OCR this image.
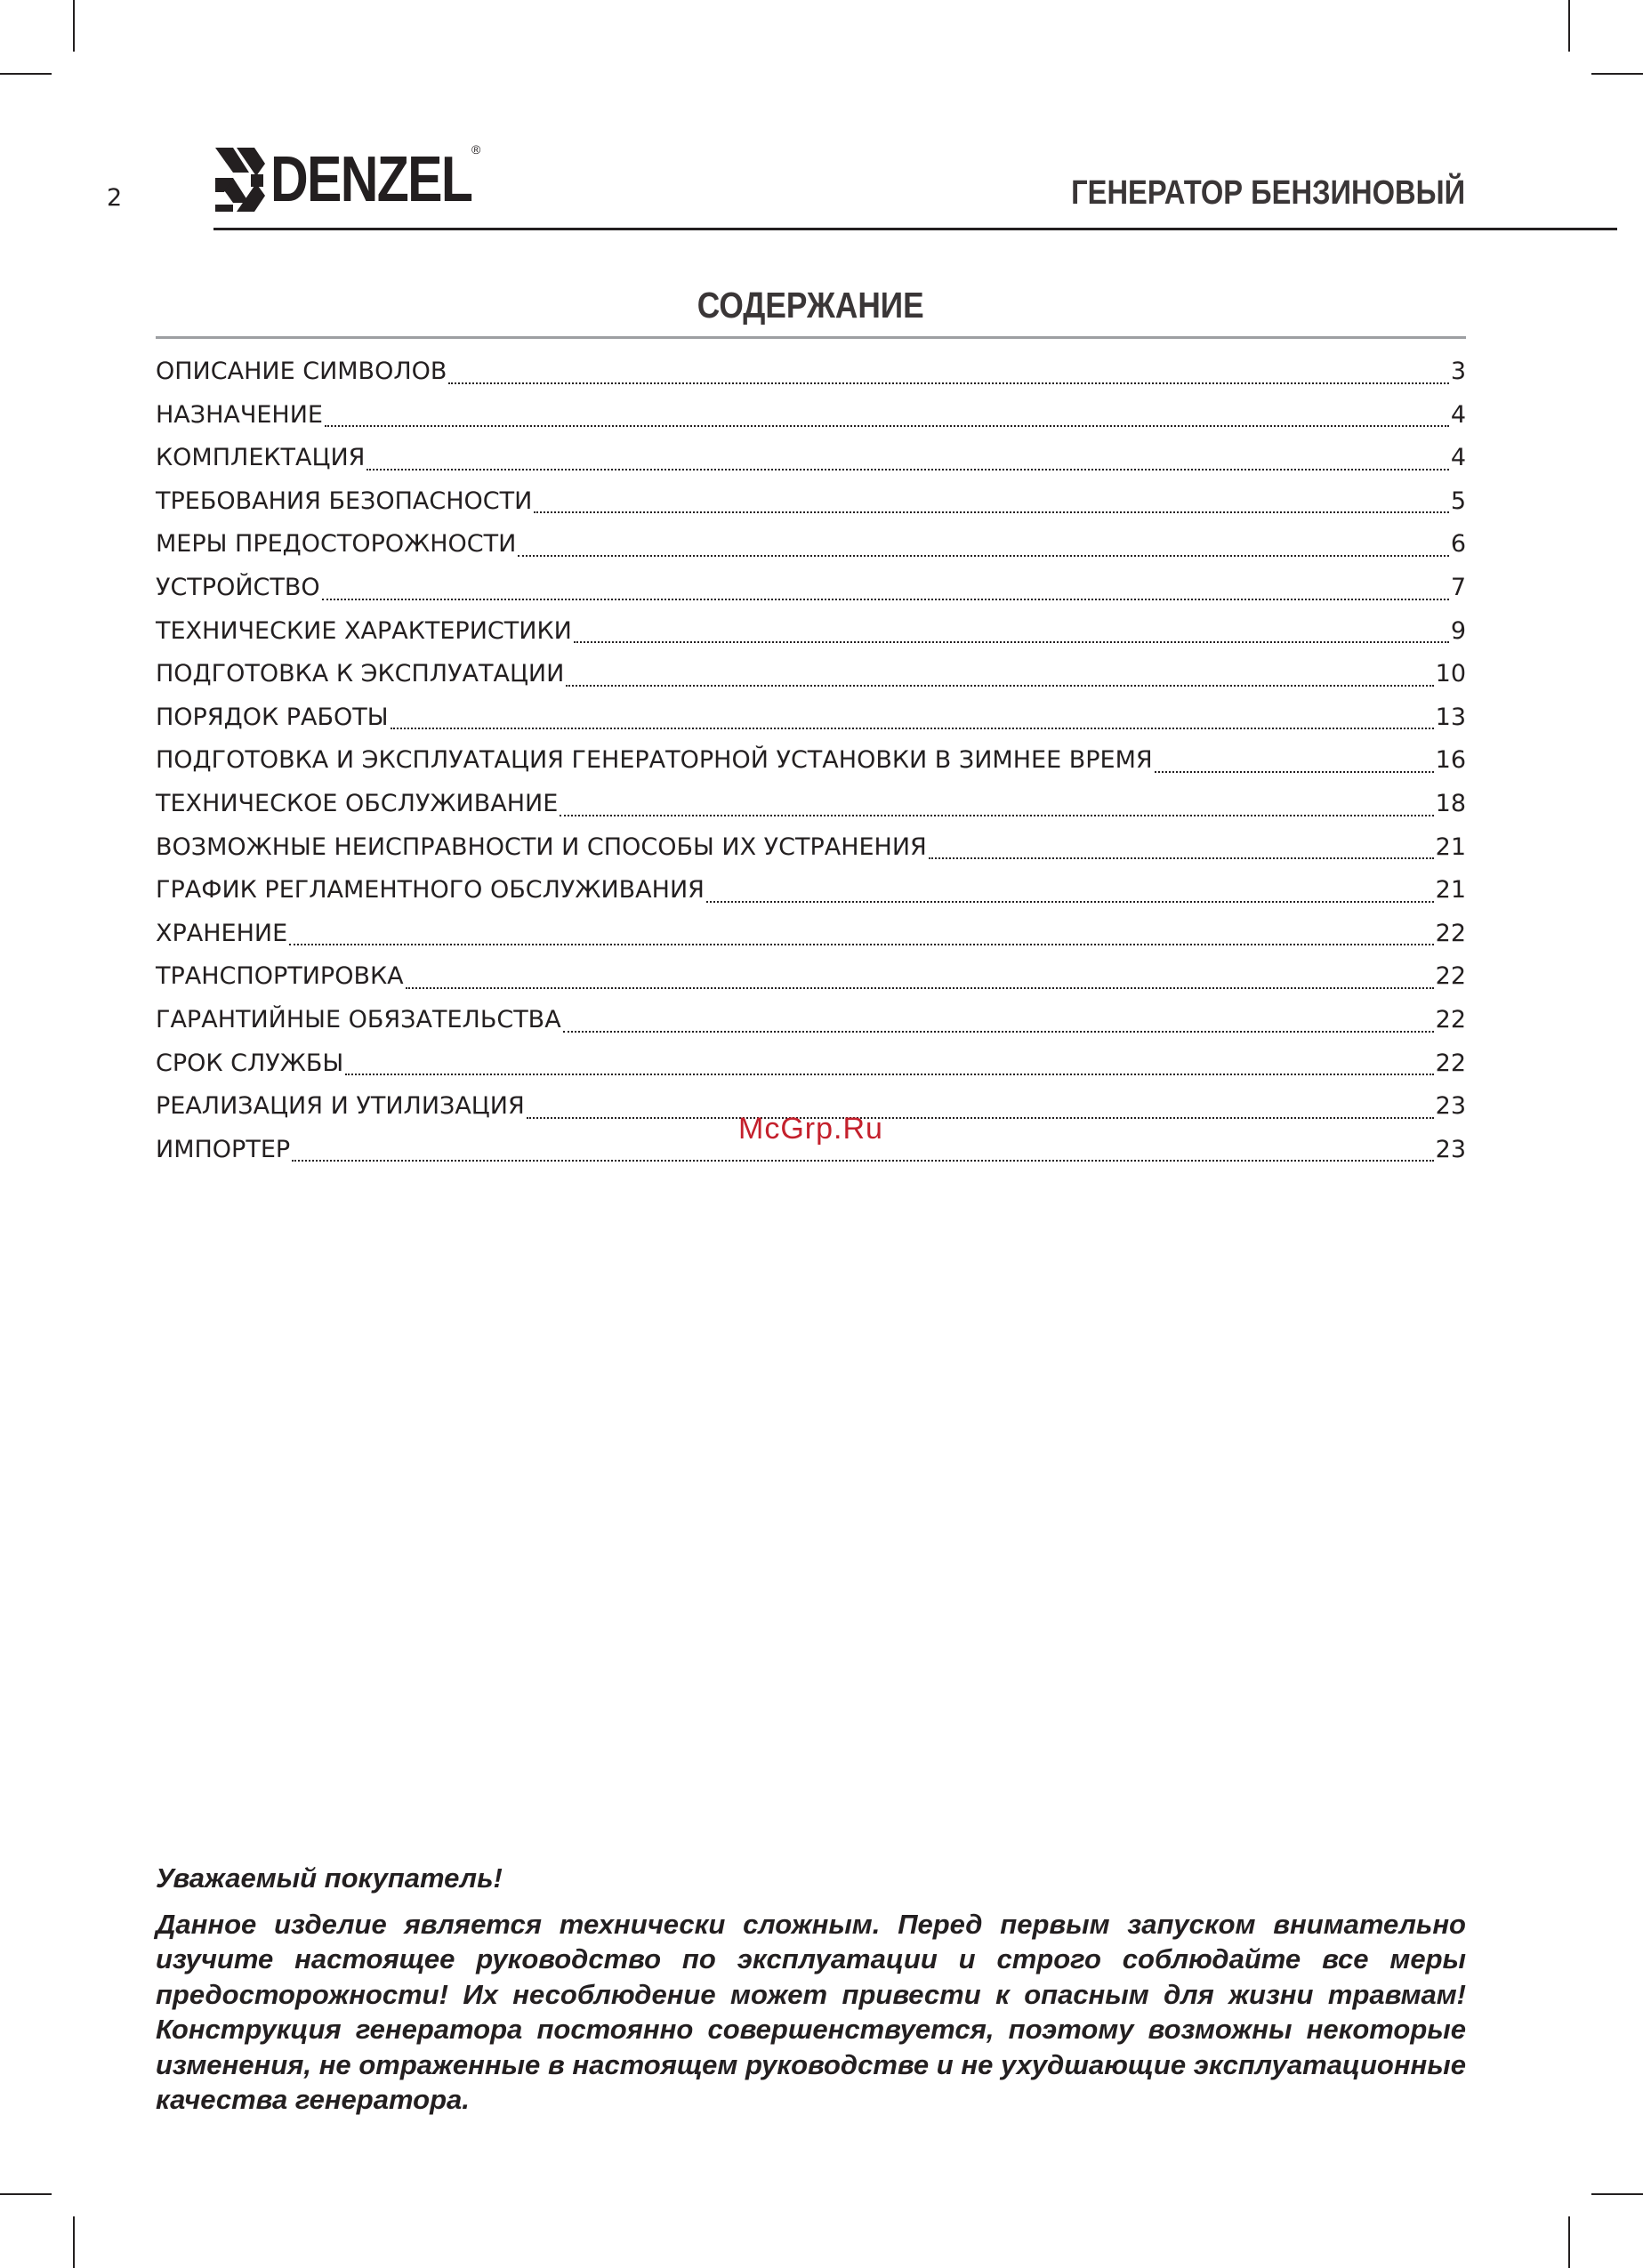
2 DENZEL ®
ГЕНЕРАТОР БЕНЗИНОВЫЙ
СОДЕРЖАНИЕ
ОПИСАНИЕ СИМВОЛОВ	3
НАЗНАЧЕНИЕ	4
КОМПЛЕКТАЦИЯ	4
ТРЕБОВАНИЯ БЕЗОПАСНОСТИ	5
МЕРЫ ПРЕДОСТОРОЖНОСТИ	6
УСТРОЙСТВО	7
ТЕХНИЧЕСКИЕ ХАРАКТЕРИСТИКИ	9
ПОДГОТОВКА К ЭКСПЛУАТАЦИИ	10
ПОРЯДОК РАБОТЫ	13
ПОДГОТОВКА И ЭКСПЛУАТАЦИЯ ГЕНЕРАТОРНОЙ УСТАНОВКИ В ЗИМНЕЕ ВРЕМЯ	16
ТЕХНИЧЕСКОЕ ОБСЛУЖИВАНИЕ	18
ВОЗМОЖНЫЕ НЕИСПРАВНОСТИ И СПОСОБЫ ИХ УСТРАНЕНИЯ	21
ГРАФИК РЕГЛАМЕНТНОГО ОБСЛУЖИВАНИЯ	21
ХРАНЕНИЕ	22
ТРАНСПОРТИРОВКА	22
ГАРАНТИЙНЫЕ ОБЯЗАТЕЛЬСТВА	22
СРОК СЛУЖБЫ	22
РЕАЛИЗАЦИЯ И УТИЛИЗАЦИЯ	23
ИМПОРТЕР	23
McGrp.Ru

Уважаемый покупатель!

Данное изделие является технически сложным. Перед первым запуском внимательно изучите настоящее руководство по эксплуатации и строго соблюдайте все меры предосторожности! Их несоблюдение может привести к опасным для жизни травмам! Конструкция генератора постоянно совершенствуется, поэтому возможны некоторые изменения, не отраженные в настоящем руководстве и не ухудшающие эксплуатационные качества генератора.
